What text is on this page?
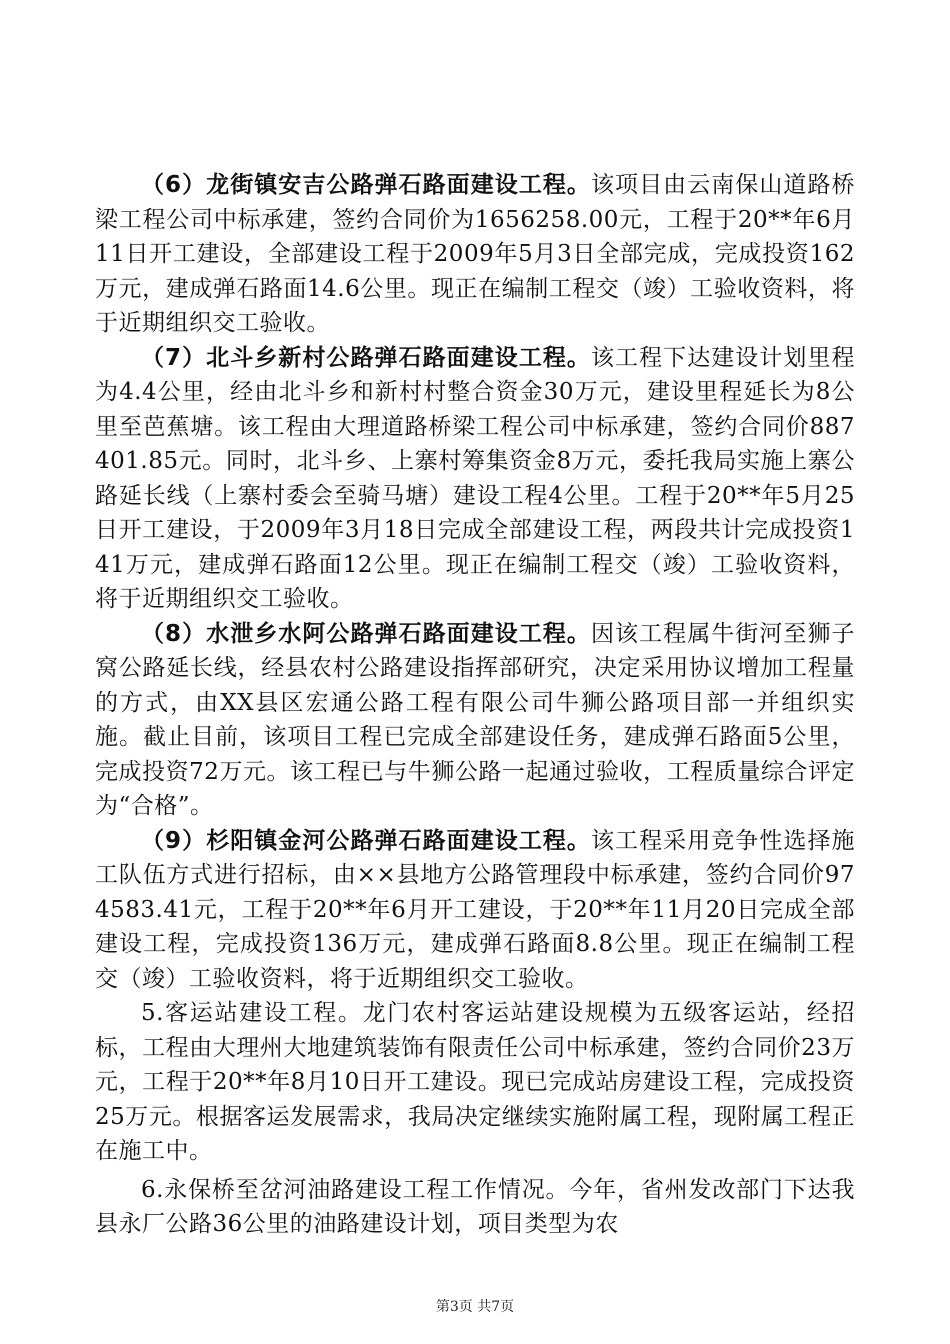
（6）龙街镇安吉公路弹石路面建设工程。该项目由云南保山道路桥梁工程公司中标承建，签约合同价为1656258.00元，工程于20**年6月11日开工建设，全部建设工程于2009年5月3日全部完成，完成投资162万元，建成弹石路面14.6公里。现正在编制工程交（竣）工验收资料，将于近期组织交工验收。

（7）北斗乡新村公路弹石路面建设工程。该工程下达建设计划里程为4.4公里，经由北斗乡和新村村整合资金30万元，建设里程延长为8公里至芭蕉塘。该工程由大理道路桥梁工程公司中标承建，签约合同价887401.85元。同时，北斗乡、上寨村筹集资金8万元，委托我局实施上寨公路延长线（上寨村委会至骑马塘）建设工程4公里。工程于20**年5月25日开工建设，于2009年3月18日完成全部建设工程，两段共计完成投资141万元，建成弹石路面12公里。现正在编制工程交（竣）工验收资料，将于近期组织交工验收。

（8）水泄乡水阿公路弹石路面建设工程。因该工程属牛街河至狮子窝公路延长线，经县农村公路建设指挥部研究，决定采用协议增加工程量的方式，由XX县区宏通公路工程有限公司牛狮公路项目部一并组织实施。截止目前，该项目工程已完成全部建设任务，建成弹石路面5公里，完成投资72万元。该工程已与牛狮公路一起通过验收，工程质量综合评定为“合格”。

（9）杉阳镇金河公路弹石路面建设工程。该工程采用竞争性选择施工队伍方式进行招标，由××县地方公路管理段中标承建，签约合同价974583.41元，工程于20**年6月开工建设，于20**年11月20日完成全部建设工程，完成投资136万元，建成弹石路面8.8公里。现正在编制工程交（竣）工验收资料，将于近期组织交工验收。

5.客运站建设工程。龙门农村客运站建设规模为五级客运站，经招标，工程由大理州大地建筑装饰有限责任公司中标承建，签约合同价23万元，工程于20**年8月10日开工建设。现已完成站房建设工程，完成投资25万元。根据客运发展需求，我局决定继续实施附属工程，现附属工程正在施工中。

6.永保桥至岔河油路建设工程工作情况。今年，省州发改部门下达我县永厂公路36公里的油路建设计划，项目类型为农

第3页 共7页
